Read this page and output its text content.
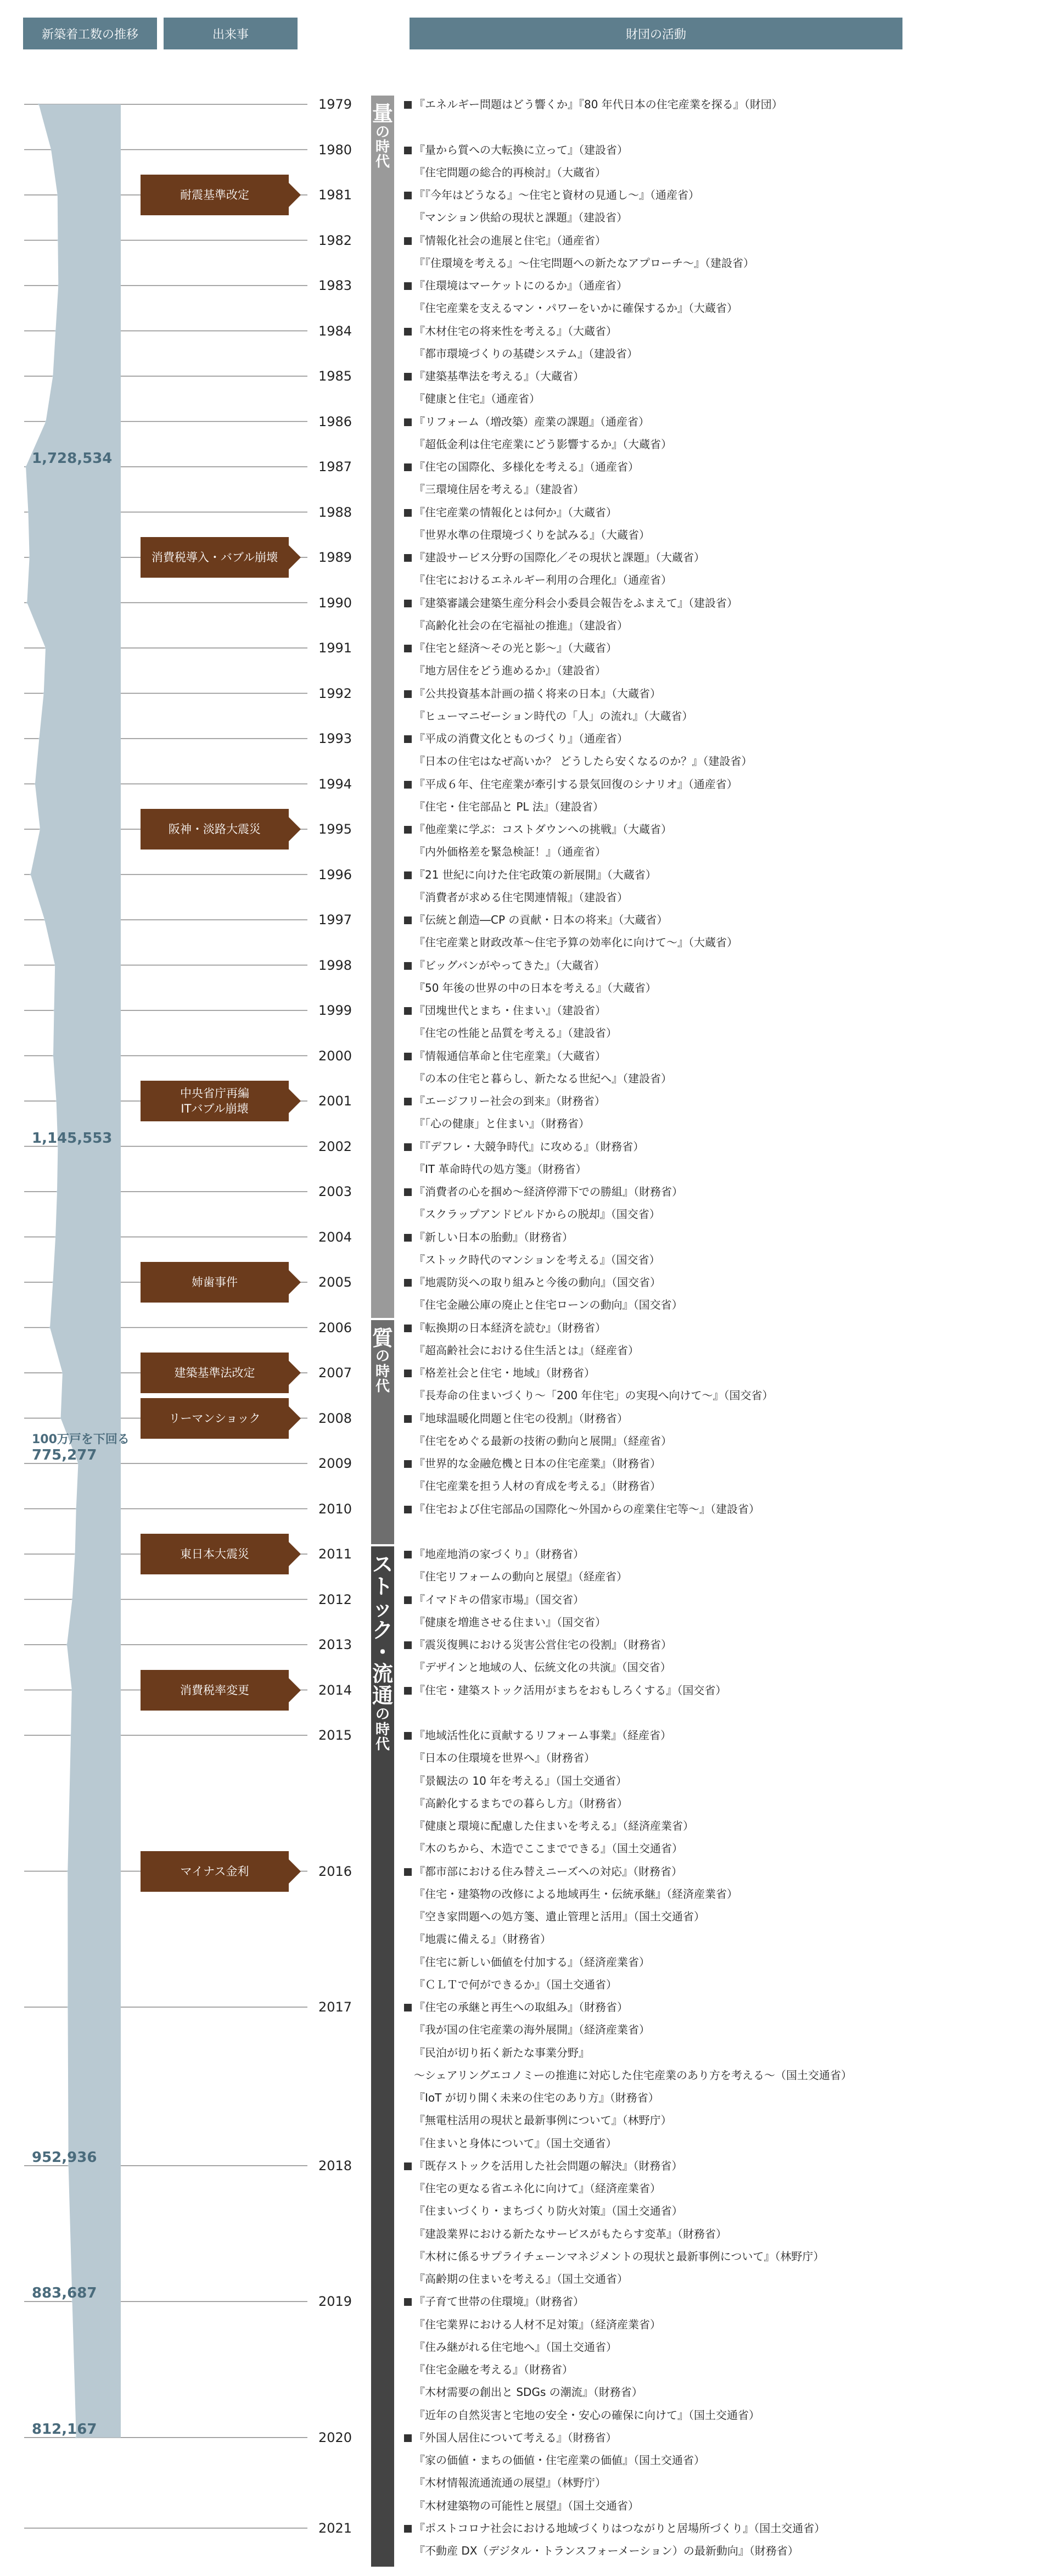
新築着工数の推移	出来事	財団の活動
1,728,534
1,145,553
100万戸を下回る
775,277
952,936
883,687
812,167
1979
1980
1981
1982
1983
1984
1985
1986
1987
1988
1989
1990
1991
1992
1993
1994
1995
1996
1997
1998
1999
2000
2001
2002
2003
2004
2005
2006
2007
2008
2009
2010
2011
2012
2013
2014
2015
2016
2017
2018
2019
2020
2021
耐震基準改定
消費税導入・バブル崩壊
阪神・淡路大震災
中央省庁再編
ITバブル崩壊
姉歯事件
建築基準法改定
リーマンショック
東日本大震災
消費税率変更
マイナス金利
量
の
時
代
質
の
時
代
ス
ト
ッ
ク
・
流
通
の
時
代
『エネルギー問題はどう響くか』『80 年代日本の住宅産業を探る』（財団）
『量から質への大転換に立って』（建設省）
『住宅問題の総合的再検討』（大蔵省）
『『今年はどうなる』～住宅と資材の見通し～』（通産省）
『マンション供給の現状と課題』（建設省）
『情報化社会の進展と住宅』（通産省）
『『住環境を考える』～住宅問題への新たなアプローチ～』（建設省）
『住環境はマーケットにのるか』（通産省）
『住宅産業を支えるマン・パワーをいかに確保するか』（大蔵省）
『木材住宅の将来性を考える』（大蔵省）
『都市環境づくりの基礎システム』（建設省）
『建築基準法を考える』（大蔵省）
『健康と住宅』（通産省）
『リフォーム（増改築）産業の課題』（通産省）
『超低金利は住宅産業にどう影響するか』（大蔵省）
『住宅の国際化、多様化を考える』（通産省）
『三環境住居を考える』（建設省）
『住宅産業の情報化とは何か』（大蔵省）
『世界水準の住環境づくりを試みる』（大蔵省）
『建設サービス分野の国際化／その現状と課題』（大蔵省）
『住宅におけるエネルギー利用の合理化』（通産省）
『建築審議会建築生産分科会小委員会報告をふまえて』（建設省）
『高齢化社会の在宅福祉の推進』（建設省）
『住宅と経済～その光と影～』（大蔵省）
『地方居住をどう進めるか』（建設省）
『公共投資基本計画の描く将来の日本』（大蔵省）
『ヒューマニゼーション時代の「人」の流れ』（大蔵省）
『平成の消費文化とものづくり』（通産省）
『日本の住宅はなぜ高いか？ どうしたら安くなるのか？』（建設省）
『平成６年、住宅産業が牽引する景気回復のシナリオ』（通産省）
『住宅・住宅部品と PL 法』（建設省）
『他産業に学ぶ：コストダウンへの挑戦』（大蔵省）
『内外価格差を緊急検証！』（通産省）
『21 世紀に向けた住宅政策の新展開』（大蔵省）
『消費者が求める住宅関連情報』（建設省）
『伝統と創造―CP の貢献・日本の将来』（大蔵省）
『住宅産業と財政改革～住宅予算の効率化に向けて～』（大蔵省）
『ビッグバンがやってきた』（大蔵省）
『50 年後の世界の中の日本を考える』（大蔵省）
『団塊世代とまち・住まい』（建設省）
『住宅の性能と品質を考える』（建設省）
『情報通信革命と住宅産業』（大蔵省）
『の本の住宅と暮らし、新たなる世紀へ』（建設省）
『エージフリー社会の到来』（財務省）
『「心の健康」と住まい』（財務省）
『『デフレ・大競争時代』に攻める』（財務省）
『IT 革命時代の処方箋』（財務省）
『消費者の心を掴め～経済停滞下での勝組』（財務省）
『スクラップアンドビルドからの脱却』（国交省）
『新しい日本の胎動』（財務省）
『ストック時代のマンションを考える』（国交省）
『地震防災への取り組みと今後の動向』（国交省）
『住宅金融公庫の廃止と住宅ローンの動向』（国交省）
『転換期の日本経済を読む』（財務省）
『超高齢社会における住生活とは』（経産省）
『格差社会と住宅・地域』（財務省）
『長寿命の住まいづくり～「200 年住宅」の実現へ向けて～』（国交省）
『地球温暖化問題と住宅の役割』（財務省）
『住宅をめぐる最新の技術の動向と展開』（経産省）
『世界的な金融危機と日本の住宅産業』（財務省）
『住宅産業を担う人材の育成を考える』（財務省）
『住宅および住宅部品の国際化～外国からの産業住宅等～』（建設省）
『地産地消の家づくり』（財務省）
『住宅リフォームの動向と展望』（経産省）
『イマドキの借家市場』（国交省）
『健康を増進させる住まい』（国交省）
『震災復興における災害公営住宅の役割』（財務省）
『デザインと地域の人、伝統文化の共演』（国交省）
『住宅・建築ストック活用がまちをおもしろくする』（国交省）
『地域活性化に貢献するリフォーム事業』（経産省）
『日本の住環境を世界へ』（財務省）
『景観法の 10 年を考える』（国土交通省）
『高齢化するまちでの暮らし方』（財務省）
『健康と環境に配慮した住まいを考える』（経済産業省）
『木のちから、木造でここまでできる』（国土交通省）
『都市部における住み替えニーズへの対応』（財務省）
『住宅・建築物の改修による地域再生・伝統承継』（経済産業省）
『空き家問題への処方箋、遺止管理と活用』（国土交通省）
『地震に備える』（財務省）
『住宅に新しい価値を付加する』（経済産業省）
『ＣＬＴで何ができるか』（国土交通省）
『住宅の承継と再生への取組み』（財務省）
『我が国の住宅産業の海外展開』（経済産業省）
『民泊が切り拓く新たな事業分野』
～シェアリングエコノミーの推進に対応した住宅産業のあり方を考える～（国土交通省）
『IoT が切り開く未来の住宅のあり方』（財務省）
『無電柱活用の現状と最新事例について』（林野庁）
『住まいと身体について』（国土交通省）
『既存ストックを活用した社会問題の解決』（財務省）
『住宅の更なる省エネ化に向けて』（経済産業省）
『住まいづくり・まちづくり防火対策』（国土交通省）
『建設業界における新たなサービスがもたらす変革』（財務省）
『木材に係るサプライチェーンマネジメントの現状と最新事例について』（林野庁）
『高齢期の住まいを考える』（国土交通省）
『子育て世帯の住環境』（財務省）
『住宅業界における人材不足対策』（経済産業省）
『住み継がれる住宅地へ』（国土交通省）
『住宅金融を考える』（財務省）
『木材需要の創出と SDGs の潮流』（財務省）
『近年の自然災害と宅地の安全・安心の確保に向けて』（国土交通省）
『外国人居住について考える』（財務省）
『家の価値・まちの価値・住宅産業の価値』（国土交通省）
『木材情報流通流通の展望』（林野庁）
『木材建築物の可能性と展望』（国土交通省）
『ポストコロナ社会における地域づくりはつながりと居場所づくり』（国土交通省）
『不動産 DX（デジタル・トランスフォーメーション）の最新動向』（財務省）
